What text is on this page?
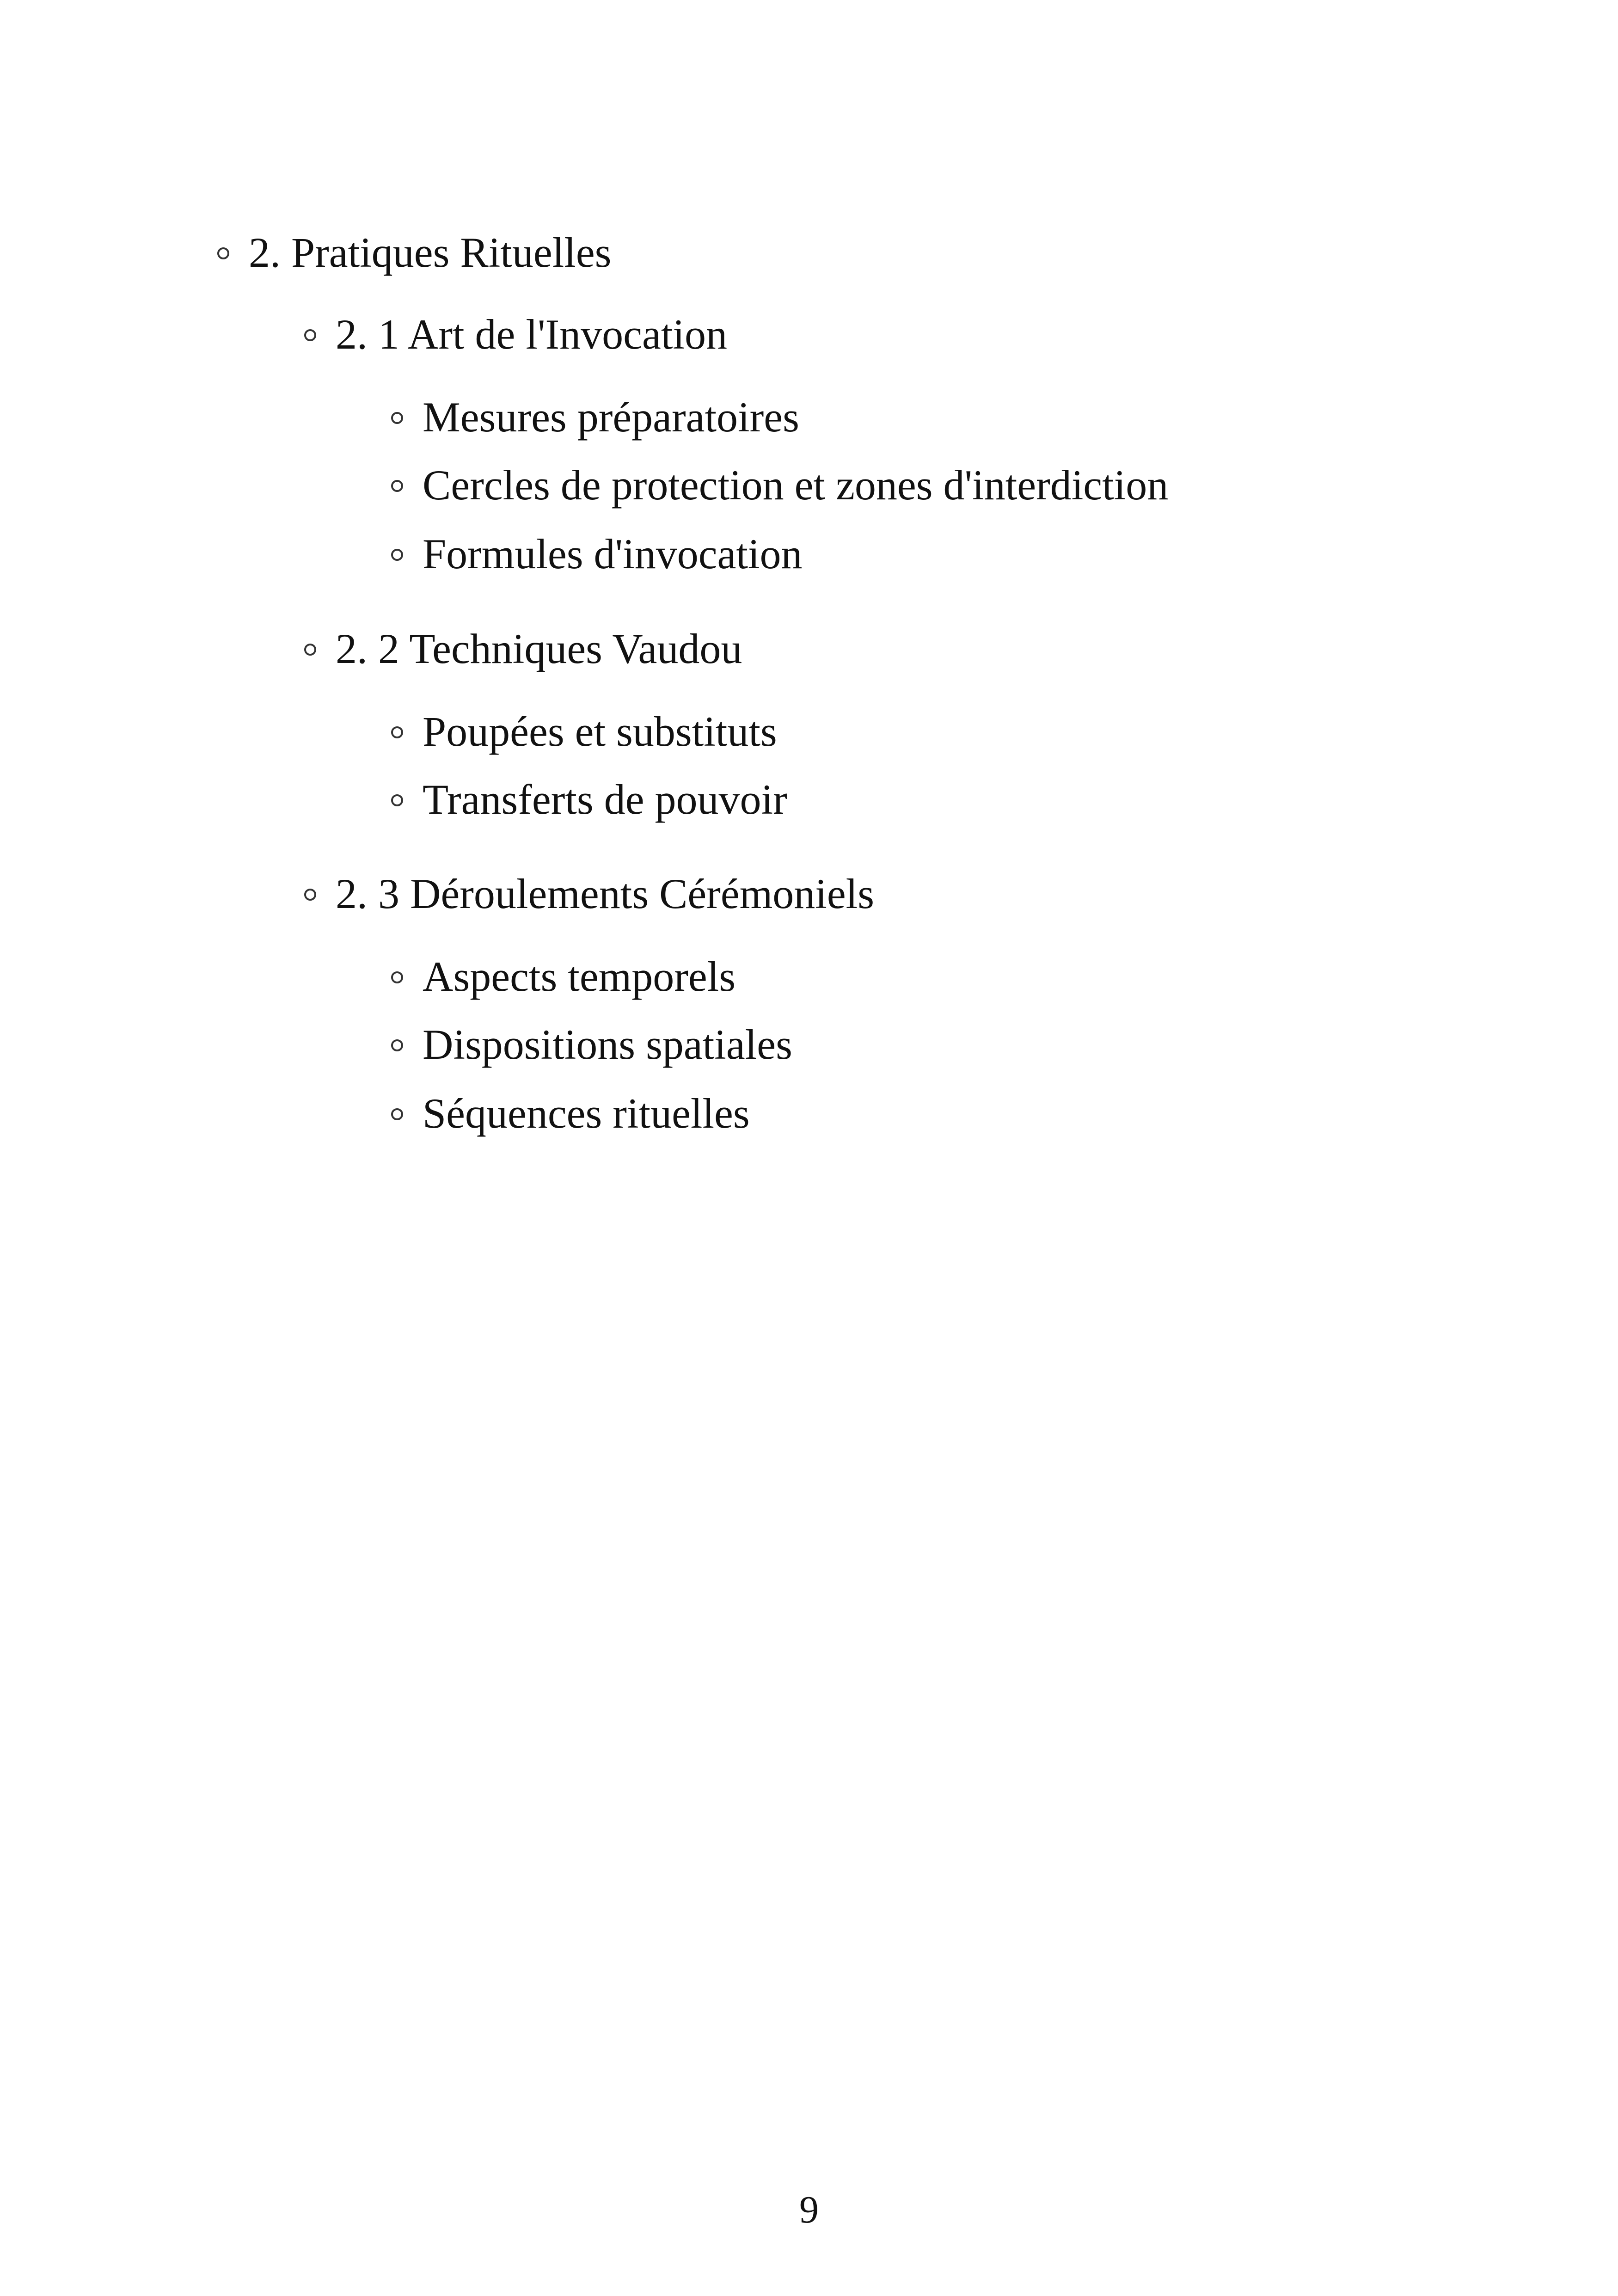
2. Pratiques Rituelles
2. 1 Art de l'Invocation
Mesures préparatoires
Cercles de protection et zones d'interdiction
Formules d'invocation
2. 2 Techniques Vaudou
Poupées et substituts
Transferts de pouvoir
2. 3 Déroulements Cérémoniels
Aspects temporels
Dispositions spatiales
Séquences rituelles
9
